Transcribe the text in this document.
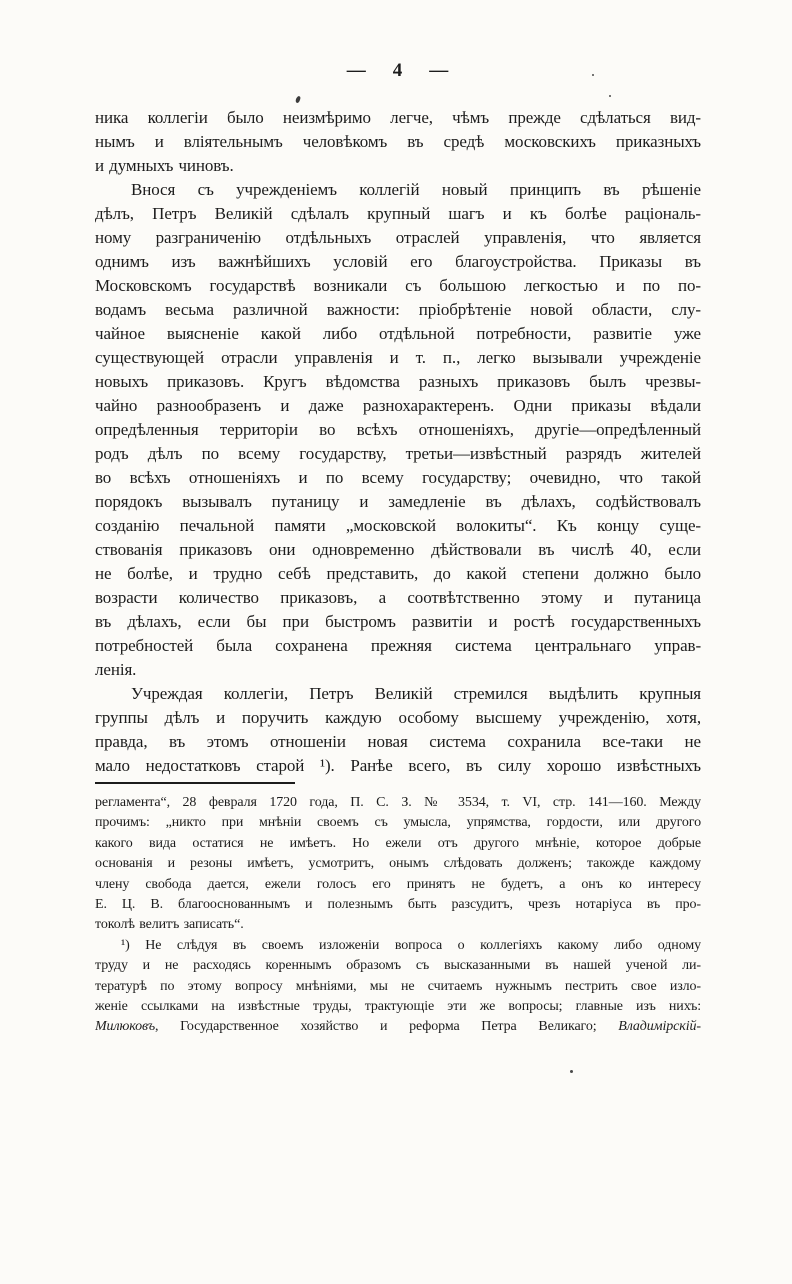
— 4 —
ника коллегіи было неизмѣримо легче, чѣмъ прежде сдѣлаться вид-
нымъ и вліятельнымъ человѣкомъ въ средѣ московскихъ приказныхъ
и думныхъ чиновъ.
Внося съ учрежденіемъ коллегій новый принципъ въ рѣшеніе
дѣлъ, Петръ Великій сдѣлалъ крупный шагъ и къ болѣе раціональ-
ному разграниченію отдѣльныхъ отраслей управленія, что является
однимъ изъ важнѣйшихъ условій его благоустройства. Приказы въ
Московскомъ государствѣ возникали съ большою легкостью и по по-
водамъ весьма различной важности: пріобрѣтеніе новой области, слу-
чайное выясненіе какой либо отдѣльной потребности, развитіе уже
существующей отрасли управленія и т. п., легко вызывали учрежденіе
новыхъ приказовъ. Кругъ вѣдомства разныхъ приказовъ былъ чрезвы-
чайно разнообразенъ и даже разнохарактеренъ. Одни приказы вѣдали
опредѣленныя территоріи во всѣхъ отношеніяхъ, другіе—опредѣленный
родъ дѣлъ по всему государству, третьи—извѣстный разрядъ жителей
во всѣхъ отношеніяхъ и по всему государству; очевидно, что такой
порядокъ вызывалъ путаницу и замедленіе въ дѣлахъ, содѣйствовалъ
созданію печальной памяти „московской волокиты“. Къ концу суще-
ствованія приказовъ они одновременно дѣйствовали въ числѣ 40, если
не болѣе, и трудно себѣ представить, до какой степени должно было
возрасти количество приказовъ, а соотвѣтственно этому и путаница
въ дѣлахъ, если бы при быстромъ развитіи и ростѣ государственныхъ
потребностей была сохранена прежняя система центральнаго управ-
ленія.
Учреждая коллегіи, Петръ Великій стремился выдѣлить крупныя
группы дѣлъ и поручить каждую особому высшему учрежденію, хотя,
правда, въ этомъ отношеніи новая система сохранила все-таки не
мало недостатковъ старой ¹). Ранѣе всего, въ силу хорошо извѣстныхъ
регламента“, 28 февраля 1720 года, П. С. З. № 3534, т. VI, стр. 141—160. Между
прочимъ: „никто при мнѣніи своемъ съ умысла, упрямства, гордости, или другого
какого вида остатися не имѣетъ. Но ежели отъ другого мнѣніе, которое добрые
основанія и резоны имѣетъ, усмотритъ, онымъ слѣдовать долженъ; такожде каждому
члену свобода дается, ежели голосъ его принятъ не будетъ, а онъ ко интересу
Е. Ц. В. благооснованнымъ и полезнымъ быть разсудитъ, чрезъ нотаріуса въ про-
токолѣ велитъ записать“.
¹) Не слѣдуя въ своемъ изложеніи вопроса о коллегіяхъ какому либо одному
труду и не расходясь кореннымъ образомъ съ высказанными въ нашей ученой ли-
тературѣ по этому вопросу мнѣніями, мы не считаемъ нужнымъ пестрить свое изло-
женіе ссылками на извѣстные труды, трактующіе эти же вопросы; главные изъ нихъ:
Милюковъ, Государственное хозяйство и реформа Петра Великаго; Владимірскій-
